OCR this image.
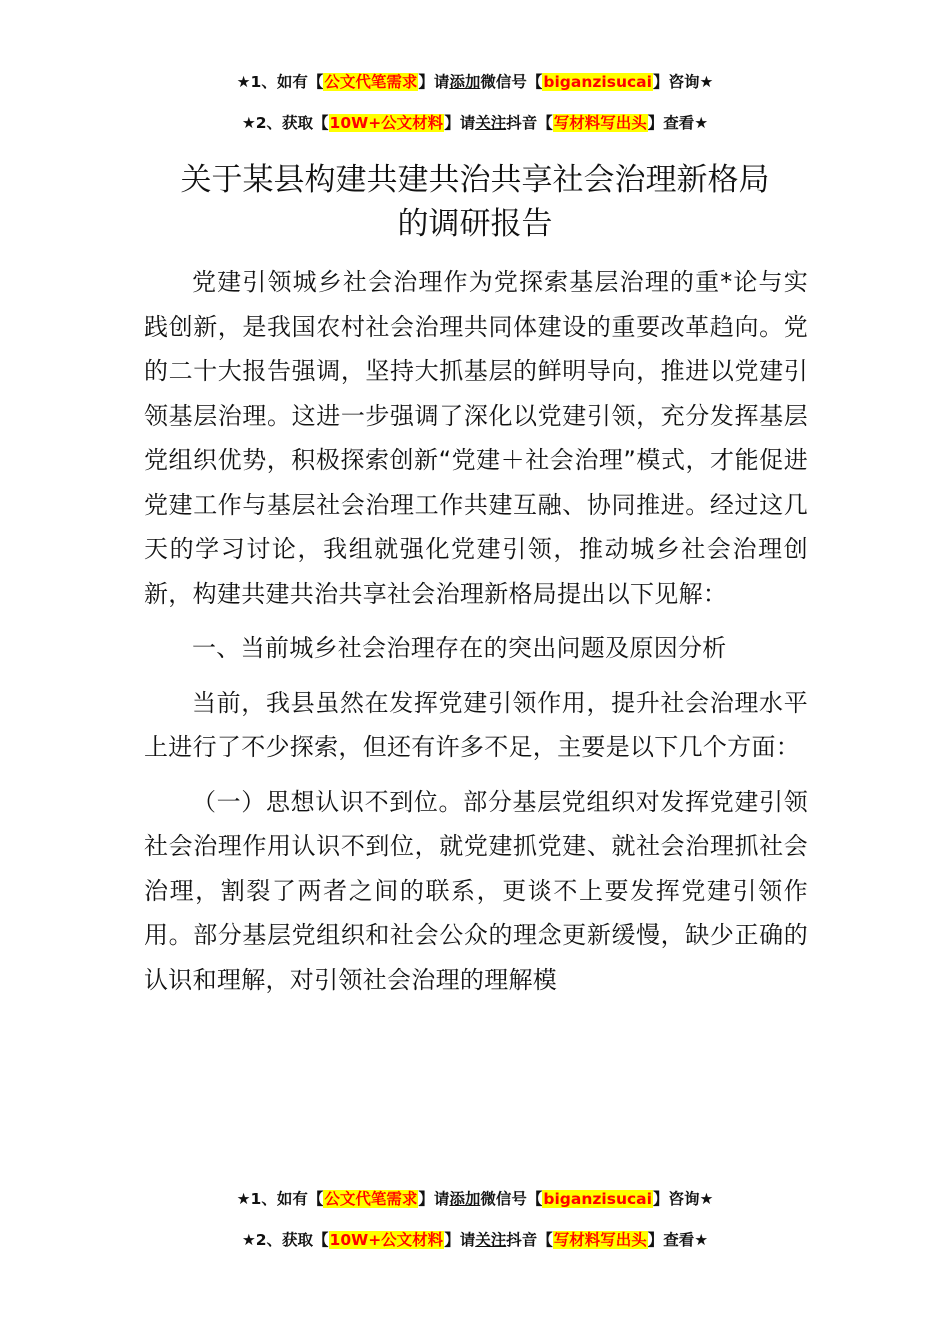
★1、如有【公文代笔需求】请添加微信号【biganzisucai】咨询★
★2、获取【10W+公文材料】请关注抖音【写材料写出头】查看★
关于某县构建共建共治共享社会治理新格局
的调研报告

党建引领城乡社会治理作为党探索基层治理的重*论与实践创新，是我国农村社会治理共同体建设的重要改革趋向。党的二十大报告强调，坚持大抓基层的鲜明导向，推进以党建引领基层治理。这进一步强调了深化以党建引领，充分发挥基层党组织优势，积极探索创新“党建＋社会治理”模式，才能促进党建工作与基层社会治理工作共建互融、协同推进。经过这几天的学习讨论，我组就强化党建引领，推动城乡社会治理创新，构建共建共治共享社会治理新格局提出以下见解：

一、当前城乡社会治理存在的突出问题及原因分析

当前，我县虽然在发挥党建引领作用，提升社会治理水平上进行了不少探索，但还有许多不足，主要是以下几个方面：

（一）思想认识不到位。部分基层党组织对发挥党建引领社会治理作用认识不到位，就党建抓党建、就社会治理抓社会治理，割裂了两者之间的联系，更谈不上要发挥党建引领作用。部分基层党组织和社会公众的理念更新缓慢，缺少正确的认识和理解，对引领社会治理的理解模

★1、如有【公文代笔需求】请添加微信号【biganzisucai】咨询★
★2、获取【10W+公文材料】请关注抖音【写材料写出头】查看★
